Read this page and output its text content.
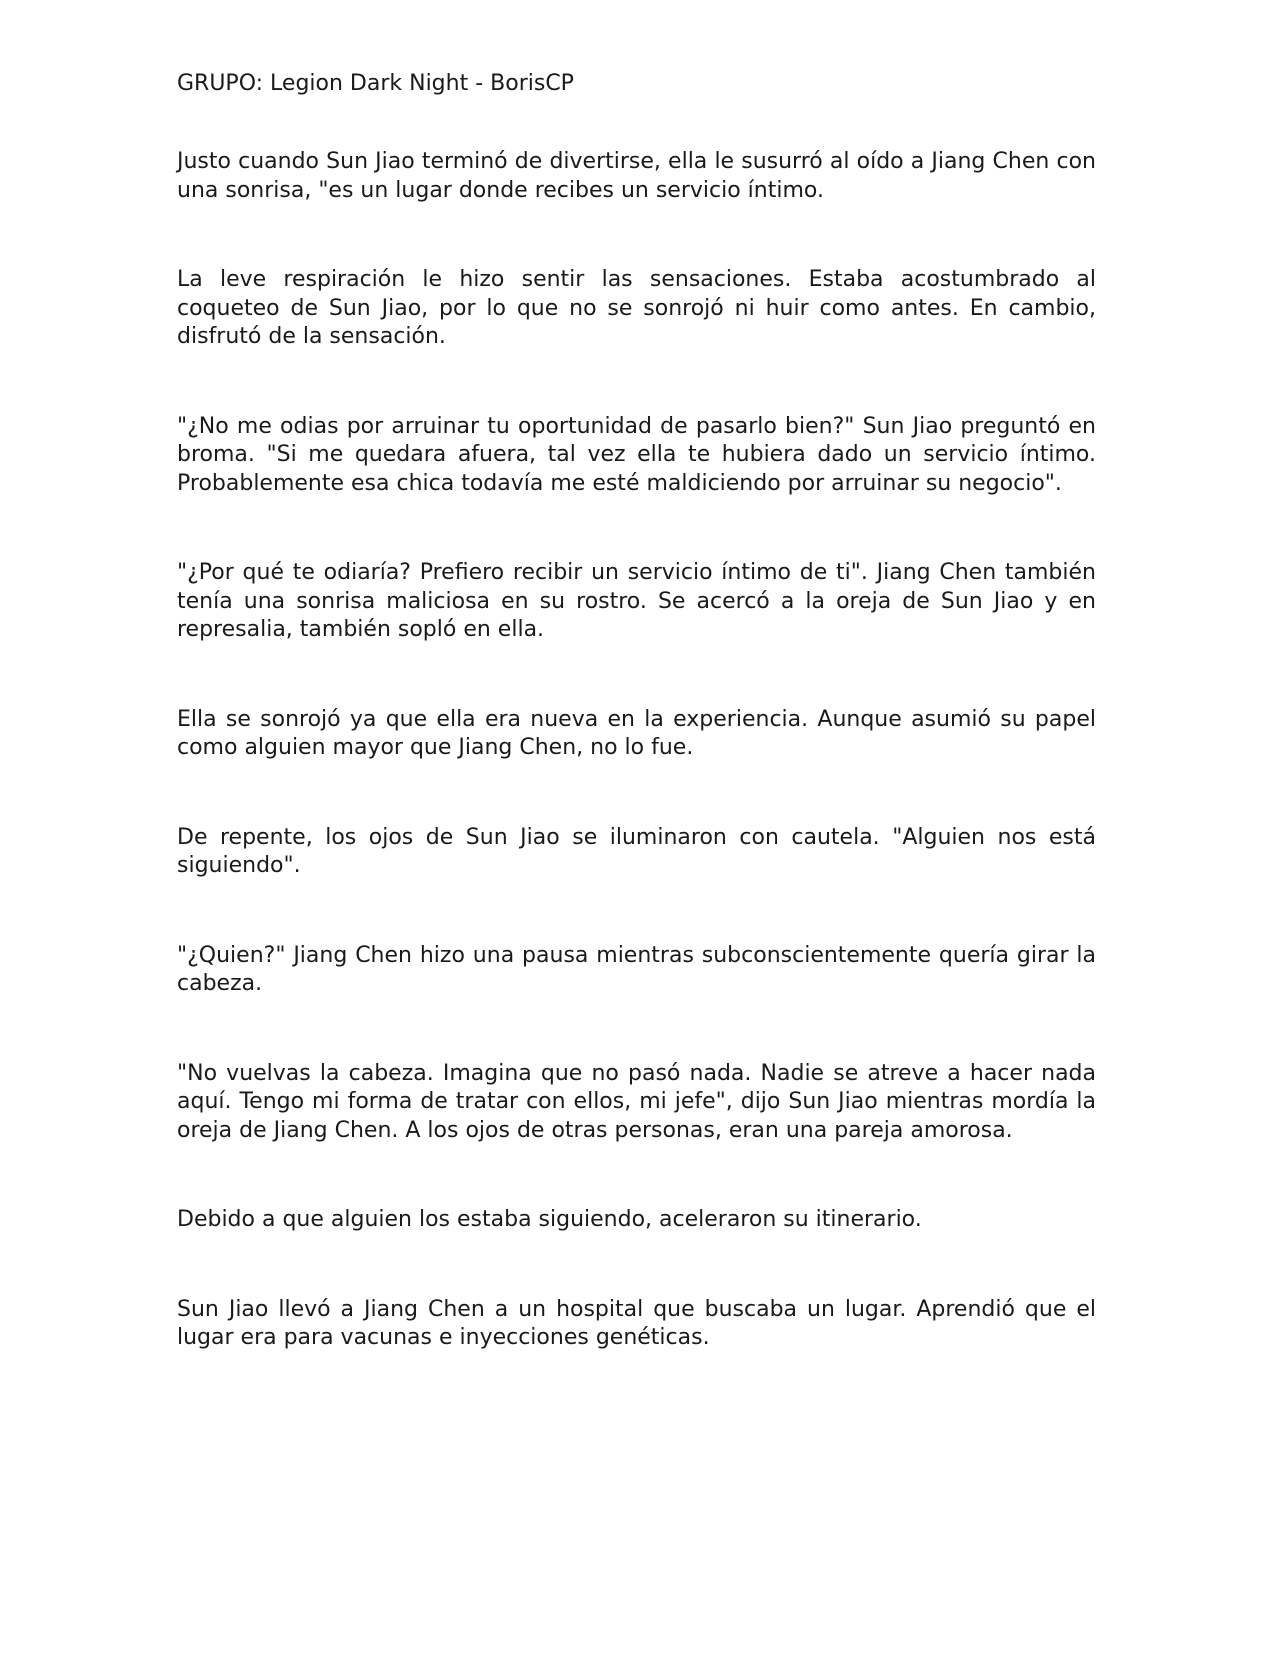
GRUPO: Legion Dark Night - BorisCP

Justo cuando Sun Jiao terminó de divertirse, ella le susurró al oído a Jiang Chen con una sonrisa, "es un lugar donde recibes un servicio íntimo.

La leve respiración le hizo sentir las sensaciones. Estaba acostumbrado al coqueteo de Sun Jiao, por lo que no se sonrojó ni huir como antes. En cambio, disfrutó de la sensación.

"¿No me odias por arruinar tu oportunidad de pasarlo bien?" Sun Jiao preguntó en broma. "Si me quedara afuera, tal vez ella te hubiera dado un servicio íntimo. Probablemente esa chica todavía me esté maldiciendo por arruinar su negocio".

"¿Por qué te odiaría? Prefiero recibir un servicio íntimo de ti". Jiang Chen también tenía una sonrisa maliciosa en su rostro. Se acercó a la oreja de Sun Jiao y en represalia, también sopló en ella.

Ella se sonrojó ya que ella era nueva en la experiencia. Aunque asumió su papel como alguien mayor que Jiang Chen, no lo fue.

De repente, los ojos de Sun Jiao se iluminaron con cautela. "Alguien nos está siguiendo".

"¿Quien?" Jiang Chen hizo una pausa mientras subconscientemente quería girar la cabeza.

"No vuelvas la cabeza. Imagina que no pasó nada. Nadie se atreve a hacer nada aquí. Tengo mi forma de tratar con ellos, mi jefe", dijo Sun Jiao mientras mordía la oreja de Jiang Chen. A los ojos de otras personas, eran una pareja amorosa.

Debido a que alguien los estaba siguiendo, aceleraron su itinerario.

Sun Jiao llevó a Jiang Chen a un hospital que buscaba un lugar. Aprendió que el lugar era para vacunas e inyecciones genéticas.
